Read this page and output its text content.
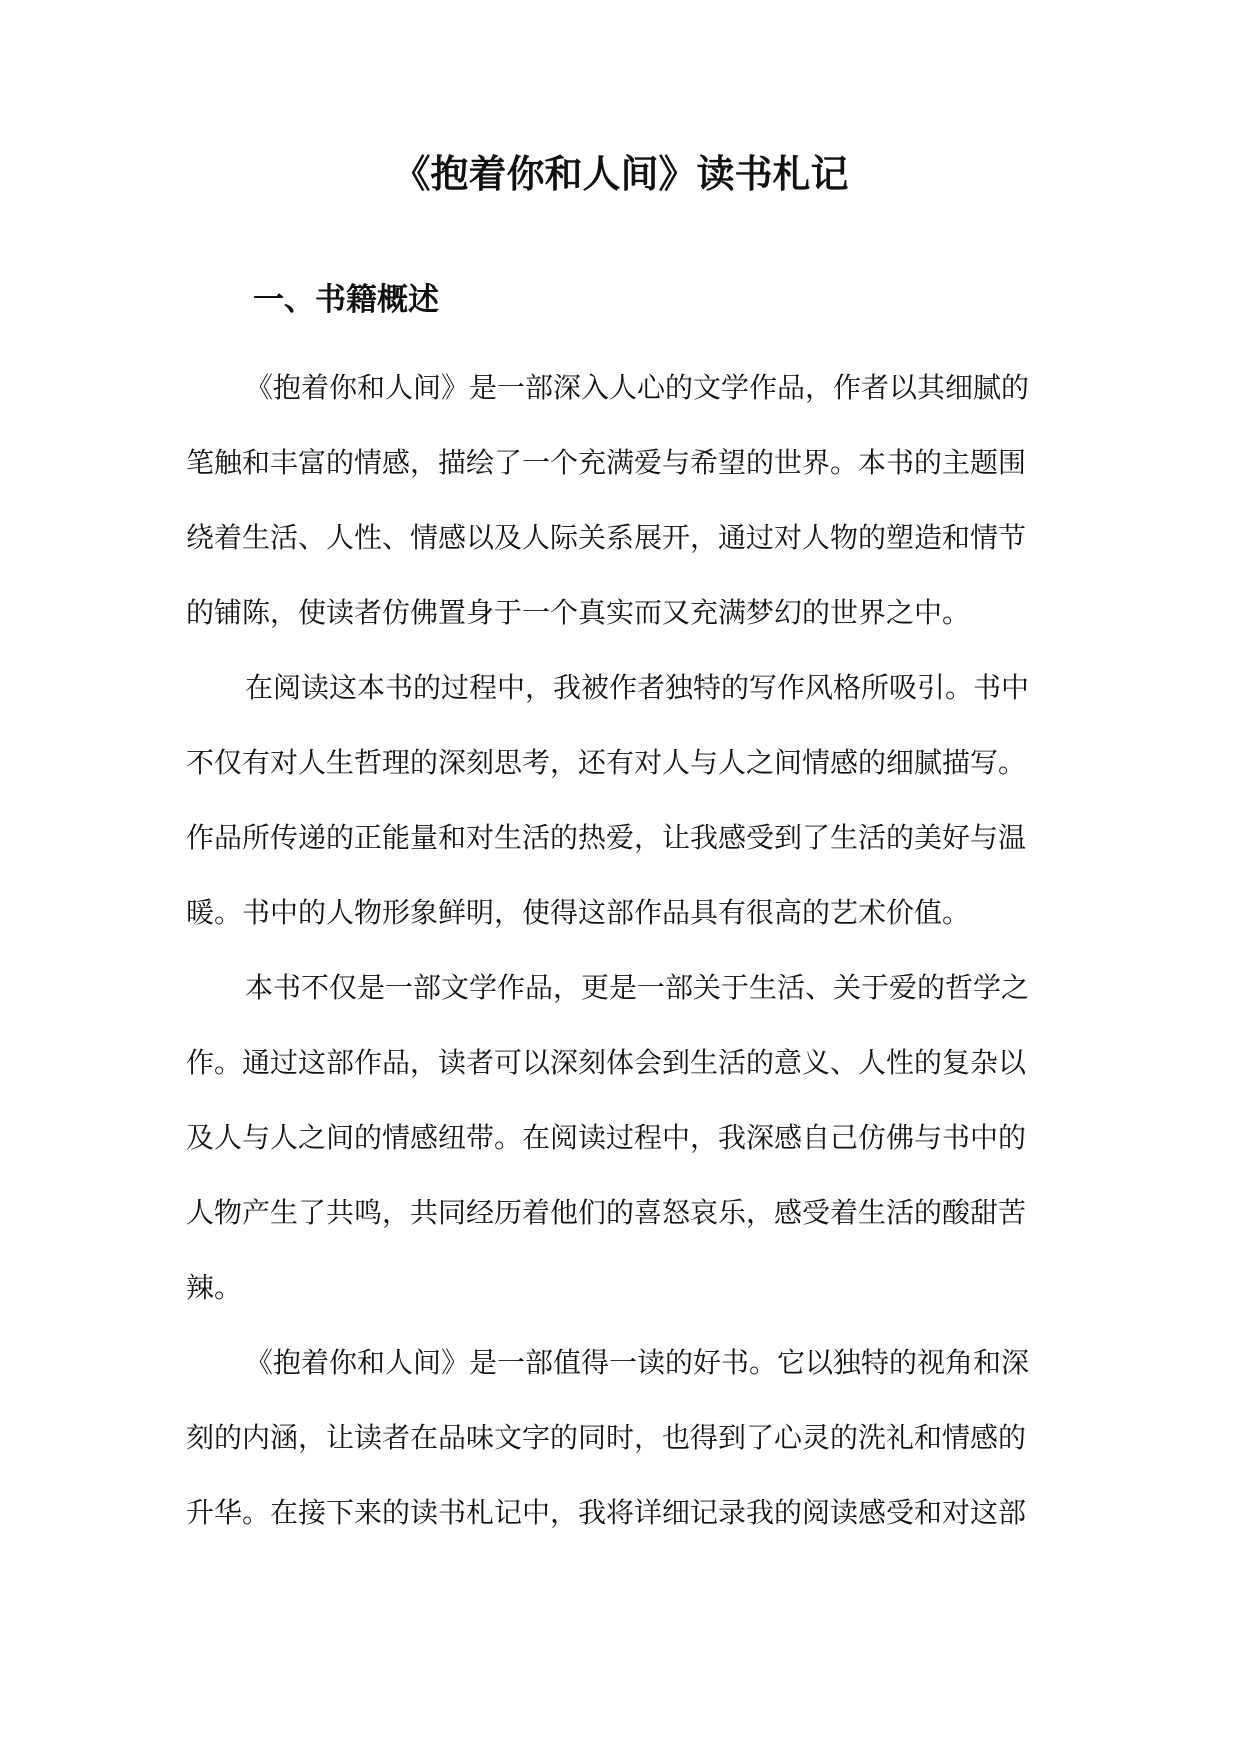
《抱着你和人间》读书札记
一、书籍概述
《抱着你和人间》是一部深入人心的文学作品，作者以其细腻的
笔触和丰富的情感，描绘了一个充满爱与希望的世界。本书的主题围
绕着生活、人性、情感以及人际关系展开，通过对人物的塑造和情节
的铺陈，使读者仿佛置身于一个真实而又充满梦幻的世界之中。
在阅读这本书的过程中，我被作者独特的写作风格所吸引。书中
不仅有对人生哲理的深刻思考，还有对人与人之间情感的细腻描写。
作品所传递的正能量和对生活的热爱，让我感受到了生活的美好与温
暖。书中的人物形象鲜明，使得这部作品具有很高的艺术价值。
本书不仅是一部文学作品，更是一部关于生活、关于爱的哲学之
作。通过这部作品，读者可以深刻体会到生活的意义、人性的复杂以
及人与人之间的情感纽带。在阅读过程中，我深感自己仿佛与书中的
人物产生了共鸣，共同经历着他们的喜怒哀乐，感受着生活的酸甜苦
辣。
《抱着你和人间》是一部值得一读的好书。它以独特的视角和深
刻的内涵，让读者在品味文字的同时，也得到了心灵的洗礼和情感的
升华。在接下来的读书札记中，我将详细记录我的阅读感受和对这部
